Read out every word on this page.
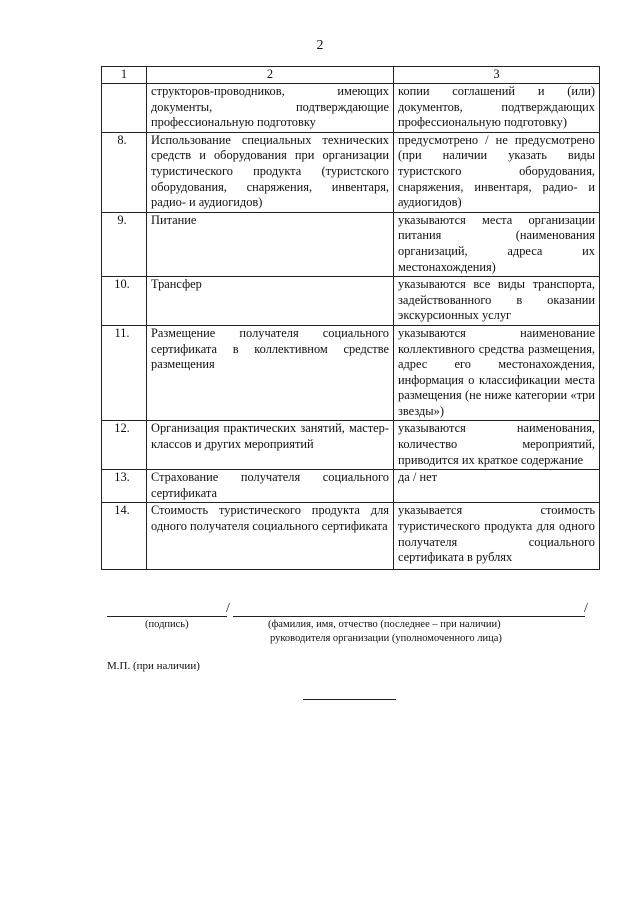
2
1	2	3
	структоров-проводников, имеющих документы, подтверждающие профессиональную подготовку	копии соглашений и (или) документов, подтверждающих профессиональную подготовку)
8.	Использование специальных технических средств и оборудования при организации туристического продукта (туристского оборудования, снаряжения, инвентаря, радио- и аудиогидов)	предусмотрено / не предусмотрено (при наличии указать виды туристского оборудования, снаряжения, инвентаря, радио- и аудиогидов)
9.	Питание	указываются места организации питания (наименования организаций, адреса их местонахождения)
10.	Трансфер	указываются все виды транспорта, задействованного в оказании экскурсионных услуг
11.	Размещение получателя социального сертификата в коллективном средстве размещения	указываются наименование коллективного средства размещения, адрес его местонахождения, информация о классификации места размещения (не ниже категории «три звезды»)
12.	Организация практических занятий, мастер-классов и других мероприятий	указываются наименования, количество мероприятий, приводится их краткое содержание
13.	Страхование получателя социального сертификата	да / нет
14.	Стоимость туристического продукта для одного получателя социального сертификата	указывается стоимость туристического продукта для одного получателя социального сертификата в рублях
/	/
(подпись)	(фамилия, имя, отчество (последнее – при наличии)
руководителя организации (уполномоченного лица)
М.П. (при наличии)
